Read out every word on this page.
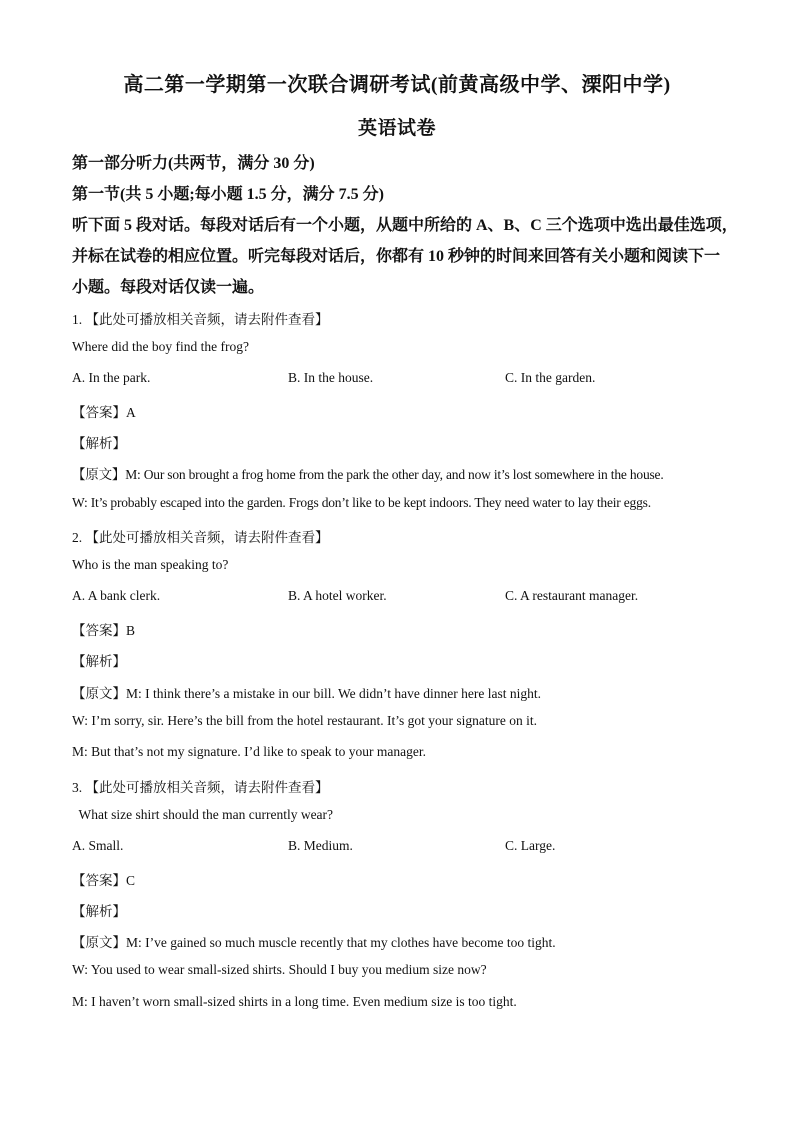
高二第一学期第一次联合调研考试(前黄高级中学、溧阳中学)
英语试卷
第一部分听力(共两节，满分 30 分)
第一节(共 5 小题;每小题 1.5 分，满分 7.5 分)
听下面 5 段对话。每段对话后有一个小题，从题中所给的 A、B、C 三个选项中选出最佳选项，
并标在试卷的相应位置。听完每段对话后，你都有 10 秒钟的时间来回答有关小题和阅读下一
小题。每段对话仅读一遍。
1. 【此处可播放相关音频，请去附件查看】
Where did the boy find the frog?
A. In the park.	B. In the house.	C. In the garden.
【答案】A
【解析】
【原文】M: Our son brought a frog home from the park the other day, and now it’s lost somewhere in the house.
W: It’s probably escaped into the garden. Frogs don’t like to be kept indoors. They need water to lay their eggs.
2. 【此处可播放相关音频，请去附件查看】
Who is the man speaking to?
A. A bank clerk.	B. A hotel worker.	C. A restaurant manager.
【答案】B
【解析】
【原文】M: I think there’s a mistake in our bill. We didn’t have dinner here last night.
W: I’m sorry, sir. Here’s the bill from the hotel restaurant. It’s got your signature on it.
M: But that’s not my signature. I’d like to speak to your manager.
3. 【此处可播放相关音频，请去附件查看】
What size shirt should the man currently wear?
A. Small.	B. Medium.	C. Large.
【答案】C
【解析】
【原文】M: I’ve gained so much muscle recently that my clothes have become too tight.
W: You used to wear small-sized shirts. Should I buy you medium size now?
M: I haven’t worn small-sized shirts in a long time. Even medium size is too tight.
